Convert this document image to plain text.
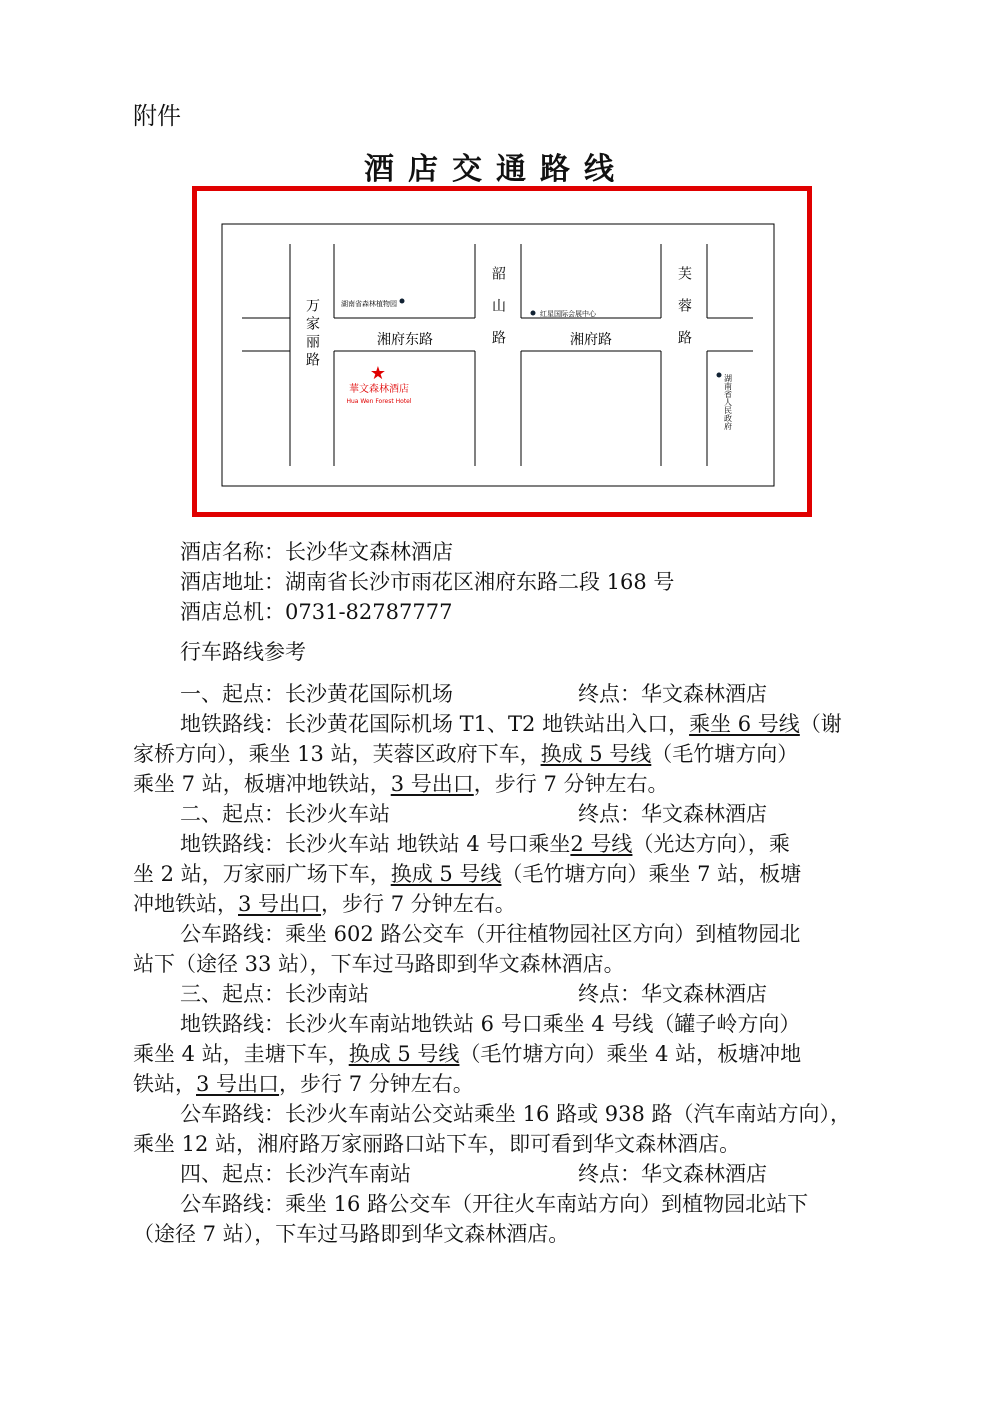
附件
酒店交通路线
万家丽路	湘府东路	韶山路	湘府路	芙蓉路
湖南省森林植物园
红星国际会展中心
湖南省人民政府
★
華文森林酒店
Hua Wen Forest Hotel
酒店名称：长沙华文森林酒店
酒店地址：湖南省长沙市雨花区湘府东路二段 168 号
酒店总机：0731-82787777
行车路线参考
一、起点：长沙黄花国际机场	终点：华文森林酒店
地铁路线：长沙黄花国际机场 T1、T2 地铁站出入口，乘坐 6 号线（谢
家桥方向），乘坐 13 站，芙蓉区政府下车，换成 5 号线（毛竹塘方向）
乘坐 7 站，板塘冲地铁站，3 号出口，步行 7 分钟左右。
二、起点：长沙火车站	终点：华文森林酒店
地铁路线：长沙火车站 地铁站 4 号口乘坐2 号线（光达方向），乘
坐 2 站，万家丽广场下车，换成 5 号线（毛竹塘方向）乘坐 7 站，板塘
冲地铁站，3 号出口，步行 7 分钟左右。
公车路线：乘坐 602 路公交车（开往植物园社区方向）到植物园北
站下（途径 33 站），下车过马路即到华文森林酒店。
三、起点：长沙南站	终点：华文森林酒店
地铁路线：长沙火车南站地铁站 6 号口乘坐 4 号线（罐子岭方向）
乘坐 4 站，圭塘下车，换成 5 号线（毛竹塘方向）乘坐 4 站，板塘冲地
铁站，3 号出口，步行 7 分钟左右。
公车路线：长沙火车南站公交站乘坐 16 路或 938 路（汽车南站方向），
乘坐 12 站，湘府路万家丽路口站下车，即可看到华文森林酒店。
四、起点：长沙汽车南站	终点：华文森林酒店
公车路线：乘坐 16 路公交车（开往火车南站方向）到植物园北站下
（途径 7 站），下车过马路即到华文森林酒店。
